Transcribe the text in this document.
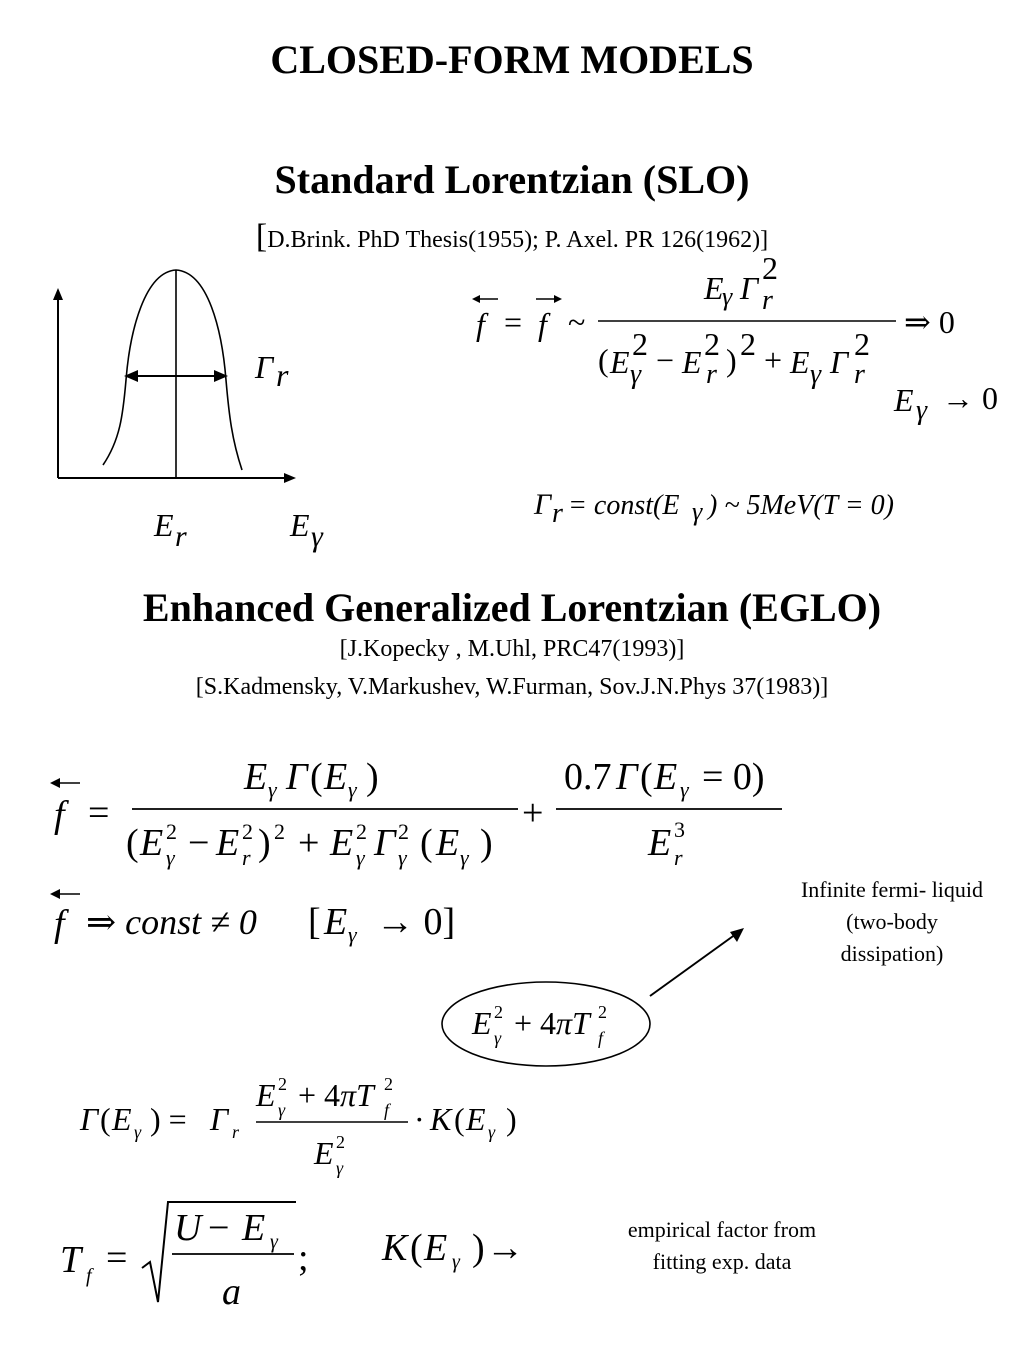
CLOSED-FORM MODELS
Standard Lorentzian (SLO)
[D.Brink. PhD Thesis(1955); P. Axel. PR 126(1962)]
Γ r
E r	E γ
f = f ~
E
γ Γ
2
r
( E 2
γ − E 2
r ) 2 + E γ Γ 2
r
E γ
⇒ 0
→ 0
Γ r = const(E γ ) ~ 5MeV(T = 0)
Enhanced Generalized Lorentzian (EGLO)
[J.Kopecky , M.Uhl, PRC47(1993)]
[S.Kadmensky, V.Markushev, W.Furman, Sov.J.N.Phys 37(1983)]
f =
E γ Γ ( E γ )
( E 2
γ − E 2
r ) 2 + E 2
γ Γ 2
γ ( E γ )
+
0.7 Γ ( E γ = 0)
E 3
r
f ⇒ const ≠ 0 [ E γ → 0]
Infinite fermi- liquid
(two-body
dissipation)
E 2
γ + 4 πT 2
f
Γ ( E γ ) = Γ r
E 2
γ + 4 πT 2
f
E 2
γ
· K ( E γ )
T f =
U − E γ
a
; K ( E γ ) →	empirical factor from
fitting exp. data
